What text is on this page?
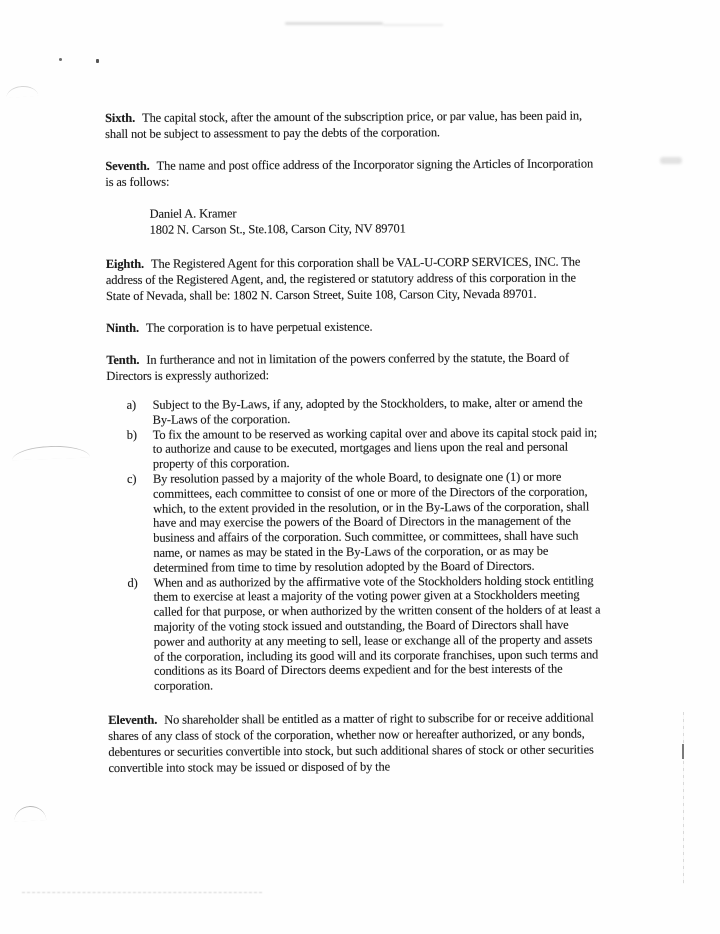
Sixth. The capital stock, after the amount of the subscription price, or par value, has been paid in, shall not be subject to assessment to pay the debts of the corporation.

Seventh. The name and post office address of the Incorporator signing the Articles of Incorporation is as follows:

Daniel A. Kramer
1802 N. Carson St., Ste.108, Carson City, NV 89701

Eighth. The Registered Agent for this corporation shall be VAL-U-CORP SERVICES, INC. The address of the Registered Agent, and, the registered or statutory address of this corporation in the State of Nevada, shall be: 1802 N. Carson Street, Suite 108, Carson City, Nevada 89701.

Ninth. The corporation is to have perpetual existence.

Tenth. In furtherance and not in limitation of the powers conferred by the statute, the Board of Directors is expressly authorized:

a)	Subject to the By-Laws, if any, adopted by the Stockholders, to make, alter or amend the By-Laws of the corporation.
b)	To fix the amount to be reserved as working capital over and above its capital stock paid in; to authorize and cause to be executed, mortgages and liens upon the real and personal property of this corporation.
c)	By resolution passed by a majority of the whole Board, to designate one (1) or more committees, each committee to consist of one or more of the Directors of the corporation, which, to the extent provided in the resolution, or in the By-Laws of the corporation, shall have and may exercise the powers of the Board of Directors in the management of the business and affairs of the corporation. Such committee, or committees, shall have such name, or names as may be stated in the By-Laws of the corporation, or as may be determined from time to time by resolution adopted by the Board of Directors.
d)	When and as authorized by the affirmative vote of the Stockholders holding stock entitling them to exercise at least a majority of the voting power given at a Stockholders meeting called for that purpose, or when authorized by the written consent of the holders of at least a majority of the voting stock issued and outstanding, the Board of Directors shall have power and authority at any meeting to sell, lease or exchange all of the property and assets of the corporation, including its good will and its corporate franchises, upon such terms and conditions as its Board of Directors deems expedient and for the best interests of the corporation.

Eleventh. No shareholder shall be entitled as a matter of right to subscribe for or receive additional shares of any class of stock of the corporation, whether now or hereafter authorized, or any bonds, debentures or securities convertible into stock, but such additional shares of stock or other securities convertible into stock may be issued or disposed of by the
